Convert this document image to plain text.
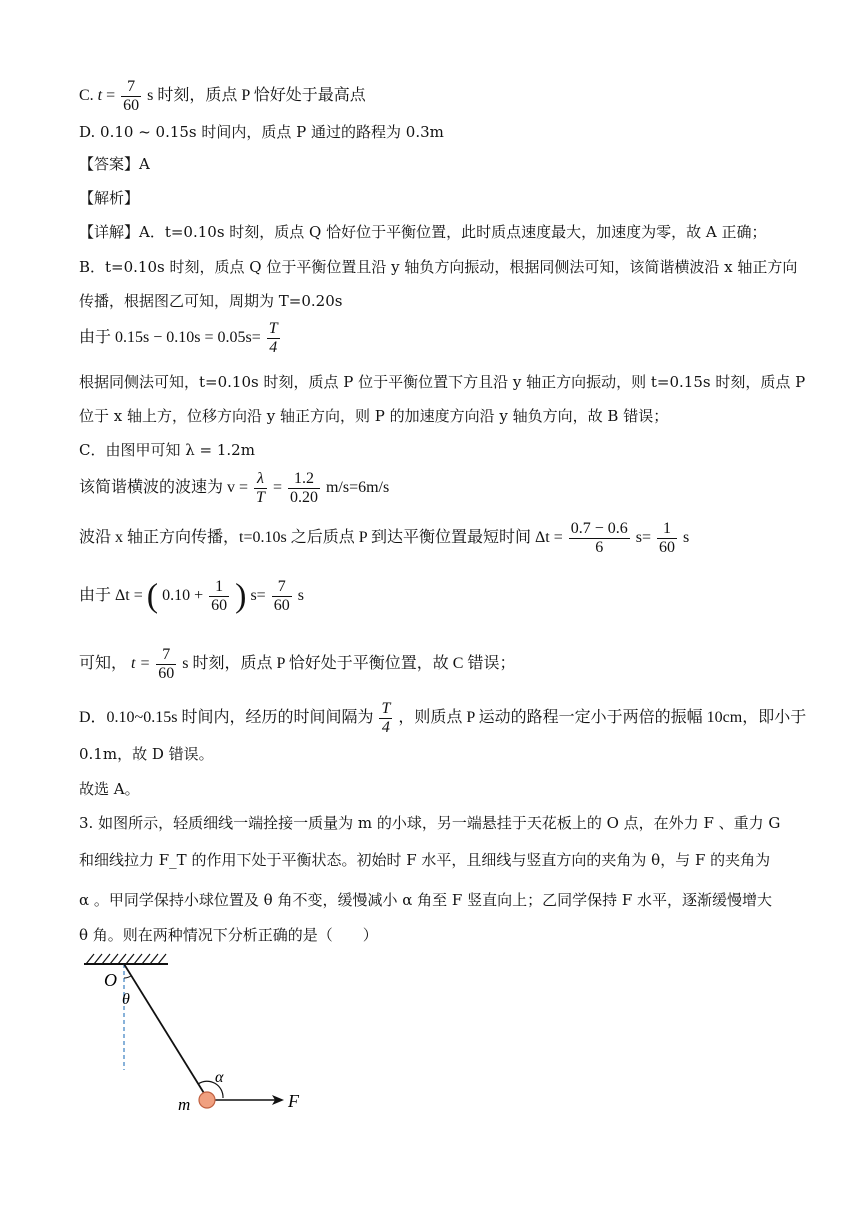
C. $t = \frac{7}{60}$ s 时刻，质点 P 恰好处于最高点
D. 0.10 ~ 0.15s 时间内，质点 P 通过的路程为 0.3m
【答案】A
【解析】
【详解】A．t=0.10s 时刻，质点 Q 恰好位于平衡位置，此时质点速度最大，加速度为零，故 A 正确；
B．t=0.10s 时刻，质点 Q 位于平衡位置且沿 y 轴负方向振动，根据同侧法可知，该简谐横波沿 x 轴正方向
传播，根据图乙可知，周期为 T=0.20s
由于 $0.15s - 0.10s = 0.05s= \frac{T}{4}$
根据同侧法可知，t=0.10s 时刻，质点 P 位于平衡位置下方且沿 y 轴正方向振动，则 t=0.15s 时刻，质点 P
位于 x 轴上方，位移方向沿 y 轴正方向，则 P 的加速度方向沿 y 轴负方向，故 B 错误；
C．由图甲可知 λ = 1.2m
该简谐横波的波速为 $v = \frac{\lambda}{T} = \frac{1.2}{0.20} m/s=6m/s$
波沿 x 轴正方向传播，t=0.10s 之后质点 P 到达平衡位置最短时间 $\Delta t = \frac{0.7 - 0.6}{6} s= \frac{1}{60}$ s
由于 Δt = ( $0.10 + \frac{1}{60}$ ) $s= \frac{7}{60}$ s
可知， $t = \frac{7}{60}$ s 时刻，质点 P 恰好处于平衡位置，故 C 错误；
D．0.10~0.15s 时间内，经历的时间间隔为 $\frac{T}{4}$ ，则质点 P 运动的路程一定小于两倍的振幅 10cm，即小于
0.1m，故 D 错误。
故选 A。
3. 如图所示，轻质细线一端拴接一质量为 m 的小球，另一端悬挂于天花板上的 O 点，在外力 F 、重力 G
和细线拉力 F_T 的作用下处于平衡状态。初始时 F 水平，且细线与竖直方向的夹角为 θ，与 F 的夹角为
α 。甲同学保持小球位置及 θ 角不变，缓慢减小 α 角至 F 竖直向上；乙同学保持 F 水平，逐渐缓慢增大
θ 角。则在两种情况下分析正确的是（　　）
O
θ
α
m	F
